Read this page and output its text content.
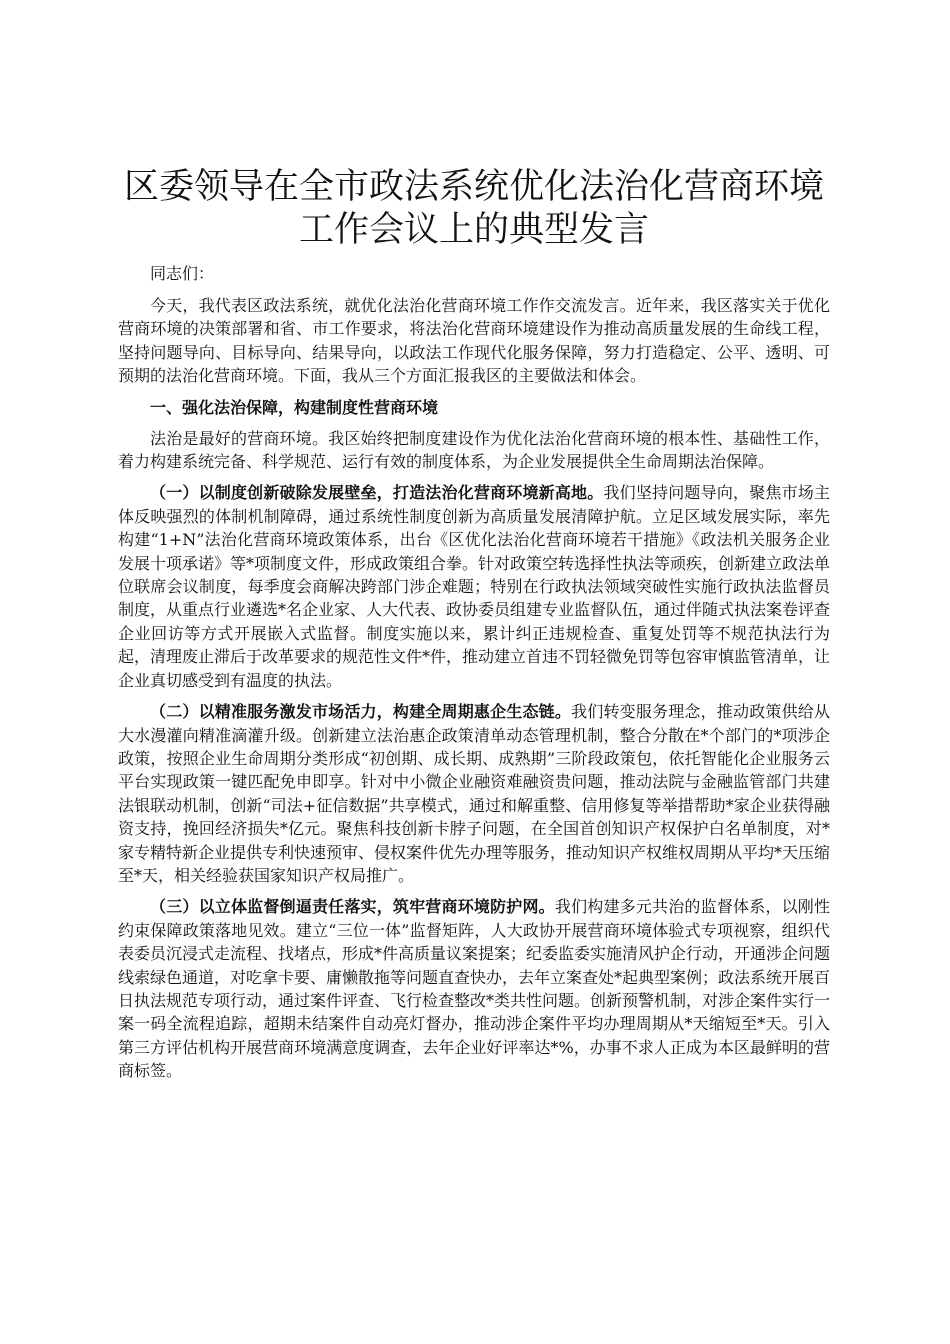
区委领导在全市政法系统优化法治化营商环境
工作会议上的典型发言

同志们：

今天，我代表区政法系统，就优化法治化营商环境工作作交流发言。近年来，我区落实关于优化营商环境的决策部署和省、市工作要求，将法治化营商环境建设作为推动高质量发展的生命线工程，坚持问题导向、目标导向、结果导向，以政法工作现代化服务保障，努力打造稳定、公平、透明、可预期的法治化营商环境。下面，我从三个方面汇报我区的主要做法和体会。

一、强化法治保障，构建制度性营商环境

法治是最好的营商环境。我区始终把制度建设作为优化法治化营商环境的根本性、基础性工作，着力构建系统完备、科学规范、运行有效的制度体系，为企业发展提供全生命周期法治保障。

（一）以制度创新破除发展壁垒，打造法治化营商环境新高地。我们坚持问题导向，聚焦市场主体反映强烈的体制机制障碍，通过系统性制度创新为高质量发展清障护航。立足区域发展实际，率先构建“1+N”法治化营商环境政策体系，出台《区优化法治化营商环境若干措施》《政法机关服务企业发展十项承诺》等*项制度文件，形成政策组合拳。针对政策空转选择性执法等顽疾，创新建立政法单位联席会议制度，每季度会商解决跨部门涉企难题；特别在行政执法领域突破性实施行政执法监督员制度，从重点行业遴选*名企业家、人大代表、政协委员组建专业监督队伍，通过伴随式执法案卷评查企业回访等方式开展嵌入式监督。制度实施以来，累计纠正违规检查、重复处罚等不规范执法行为起，清理废止滞后于改革要求的规范性文件*件，推动建立首违不罚轻微免罚等包容审慎监管清单，让企业真切感受到有温度的执法。

（二）以精准服务激发市场活力，构建全周期惠企生态链。我们转变服务理念，推动政策供给从大水漫灌向精准滴灌升级。创新建立法治惠企政策清单动态管理机制，整合分散在*个部门的*项涉企政策，按照企业生命周期分类形成“初创期、成长期、成熟期”三阶段政策包，依托智能化企业服务云平台实现政策一键匹配免申即享。针对中小微企业融资难融资贵问题，推动法院与金融监管部门共建法银联动机制，创新“司法+征信数据”共享模式，通过和解重整、信用修复等举措帮助*家企业获得融资支持，挽回经济损失*亿元。聚焦科技创新卡脖子问题，在全国首创知识产权保护白名单制度，对*家专精特新企业提供专利快速预审、侵权案件优先办理等服务，推动知识产权维权周期从平均*天压缩至*天，相关经验获国家知识产权局推广。

（三）以立体监督倒逼责任落实，筑牢营商环境防护网。我们构建多元共治的监督体系，以刚性约束保障政策落地见效。建立“三位一体”监督矩阵，人大政协开展营商环境体验式专项视察，组织代表委员沉浸式走流程、找堵点，形成*件高质量议案提案；纪委监委实施清风护企行动，开通涉企问题线索绿色通道，对吃拿卡要、庸懒散拖等问题直查快办，去年立案查处*起典型案例；政法系统开展百日执法规范专项行动，通过案件评查、飞行检查整改*类共性问题。创新预警机制，对涉企案件实行一案一码全流程追踪，超期未结案件自动亮灯督办，推动涉企案件平均办理周期从*天缩短至*天。引入第三方评估机构开展营商环境满意度调查，去年企业好评率达*%，办事不求人正成为本区最鲜明的营商标签。
